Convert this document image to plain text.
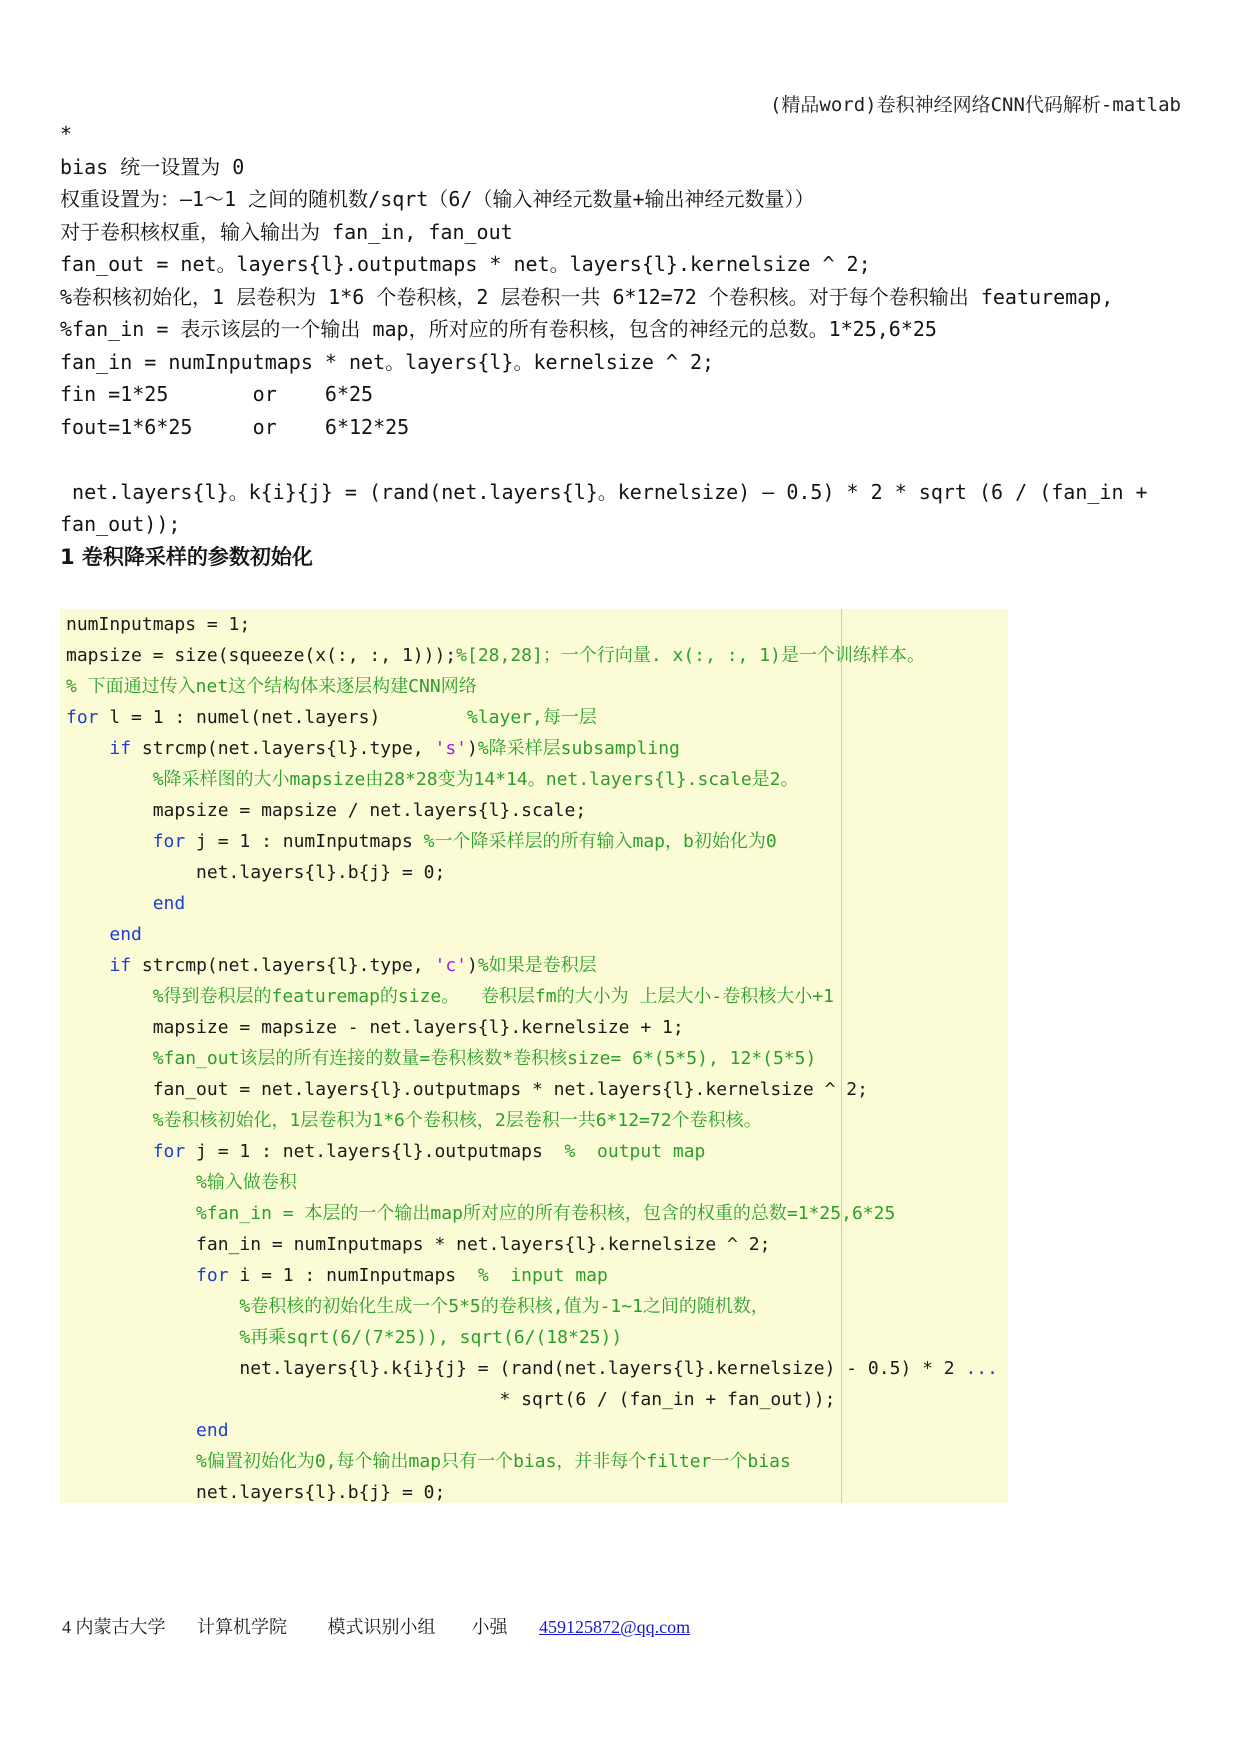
(精品word)卷积神经网络CNN代码解析-matlab
*
bias 统一设置为 0
权重设置为：—1～1 之间的随机数/sqrt（6/（输入神经元数量+输出神经元数量））
对于卷积核权重，输入输出为 fan_in, fan_out
fan_out = net。layers{l}.outputmaps * net。layers{l}.kernelsize ^ 2;
%卷积核初始化，1 层卷积为 1*6 个卷积核，2 层卷积一共 6*12=72 个卷积核。对于每个卷积输出 featuremap,
%fan_in = 表示该层的一个输出 map，所对应的所有卷积核，包含的神经元的总数。1*25,6*25
fan_in = numInputmaps * net。layers{l}。kernelsize ^ 2;
fin =1*25       or    6*25
fout=1*6*25     or    6*12*25
net.layers{l}。k{i}{j} = (rand(net.layers{l}。kernelsize) — 0.5) * 2 * sqrt (6 / (fan_in + fan_out));
1 卷积降采样的参数初始化
numInputmaps = 1;
mapsize = size(squeeze(x(:, :, 1)));%[28,28]；一个行向量. x(:, :, 1)是一个训练样本。
% 下面通过传入net这个结构体来逐层构建CNN网络
for l = 1 : numel(net.layers)        %layer,每一层
if strcmp(net.layers{l}.type, 's')%降采样层subsampling
%降采样图的大小mapsize由28*28变为14*14。net.layers{l}.scale是2。
mapsize = mapsize / net.layers{l}.scale;
for j = 1 : numInputmaps %一个降采样层的所有输入map，b初始化为0
net.layers{l}.b{j} = 0;
end
end
if strcmp(net.layers{l}.type, 'c')%如果是卷积层
%得到卷积层的featuremap的size。  卷积层fm的大小为 上层大小-卷积核大小+1
mapsize = mapsize - net.layers{l}.kernelsize + 1;
%fan_out该层的所有连接的数量=卷积核数*卷积核size= 6*(5*5), 12*(5*5)
fan_out = net.layers{l}.outputmaps * net.layers{l}.kernelsize ^ 2;
%卷积核初始化，1层卷积为1*6个卷积核，2层卷积一共6*12=72个卷积核。
for j = 1 : net.layers{l}.outputmaps  %  output map
%输入做卷积
%fan_in = 本层的一个输出map所对应的所有卷积核，包含的权重的总数=1*25,6*25
fan_in = numInputmaps * net.layers{l}.kernelsize ^ 2;
for i = 1 : numInputmaps  %  input map
%卷积核的初始化生成一个5*5的卷积核,值为-1~1之间的随机数，
%再乘sqrt(6/(7*25)), sqrt(6/(18*25))
net.layers{l}.k{i}{j} = (rand(net.layers{l}.kernelsize) - 0.5) * 2 ...
* sqrt(6 / (fan_in + fan_out));
end
%偏置初始化为0,每个输出map只有一个bias，并非每个filter一个bias
net.layers{l}.b{j} = 0;
4 内蒙古大学 计算机学院 模式识别小组 小强 459125872@qq.com
